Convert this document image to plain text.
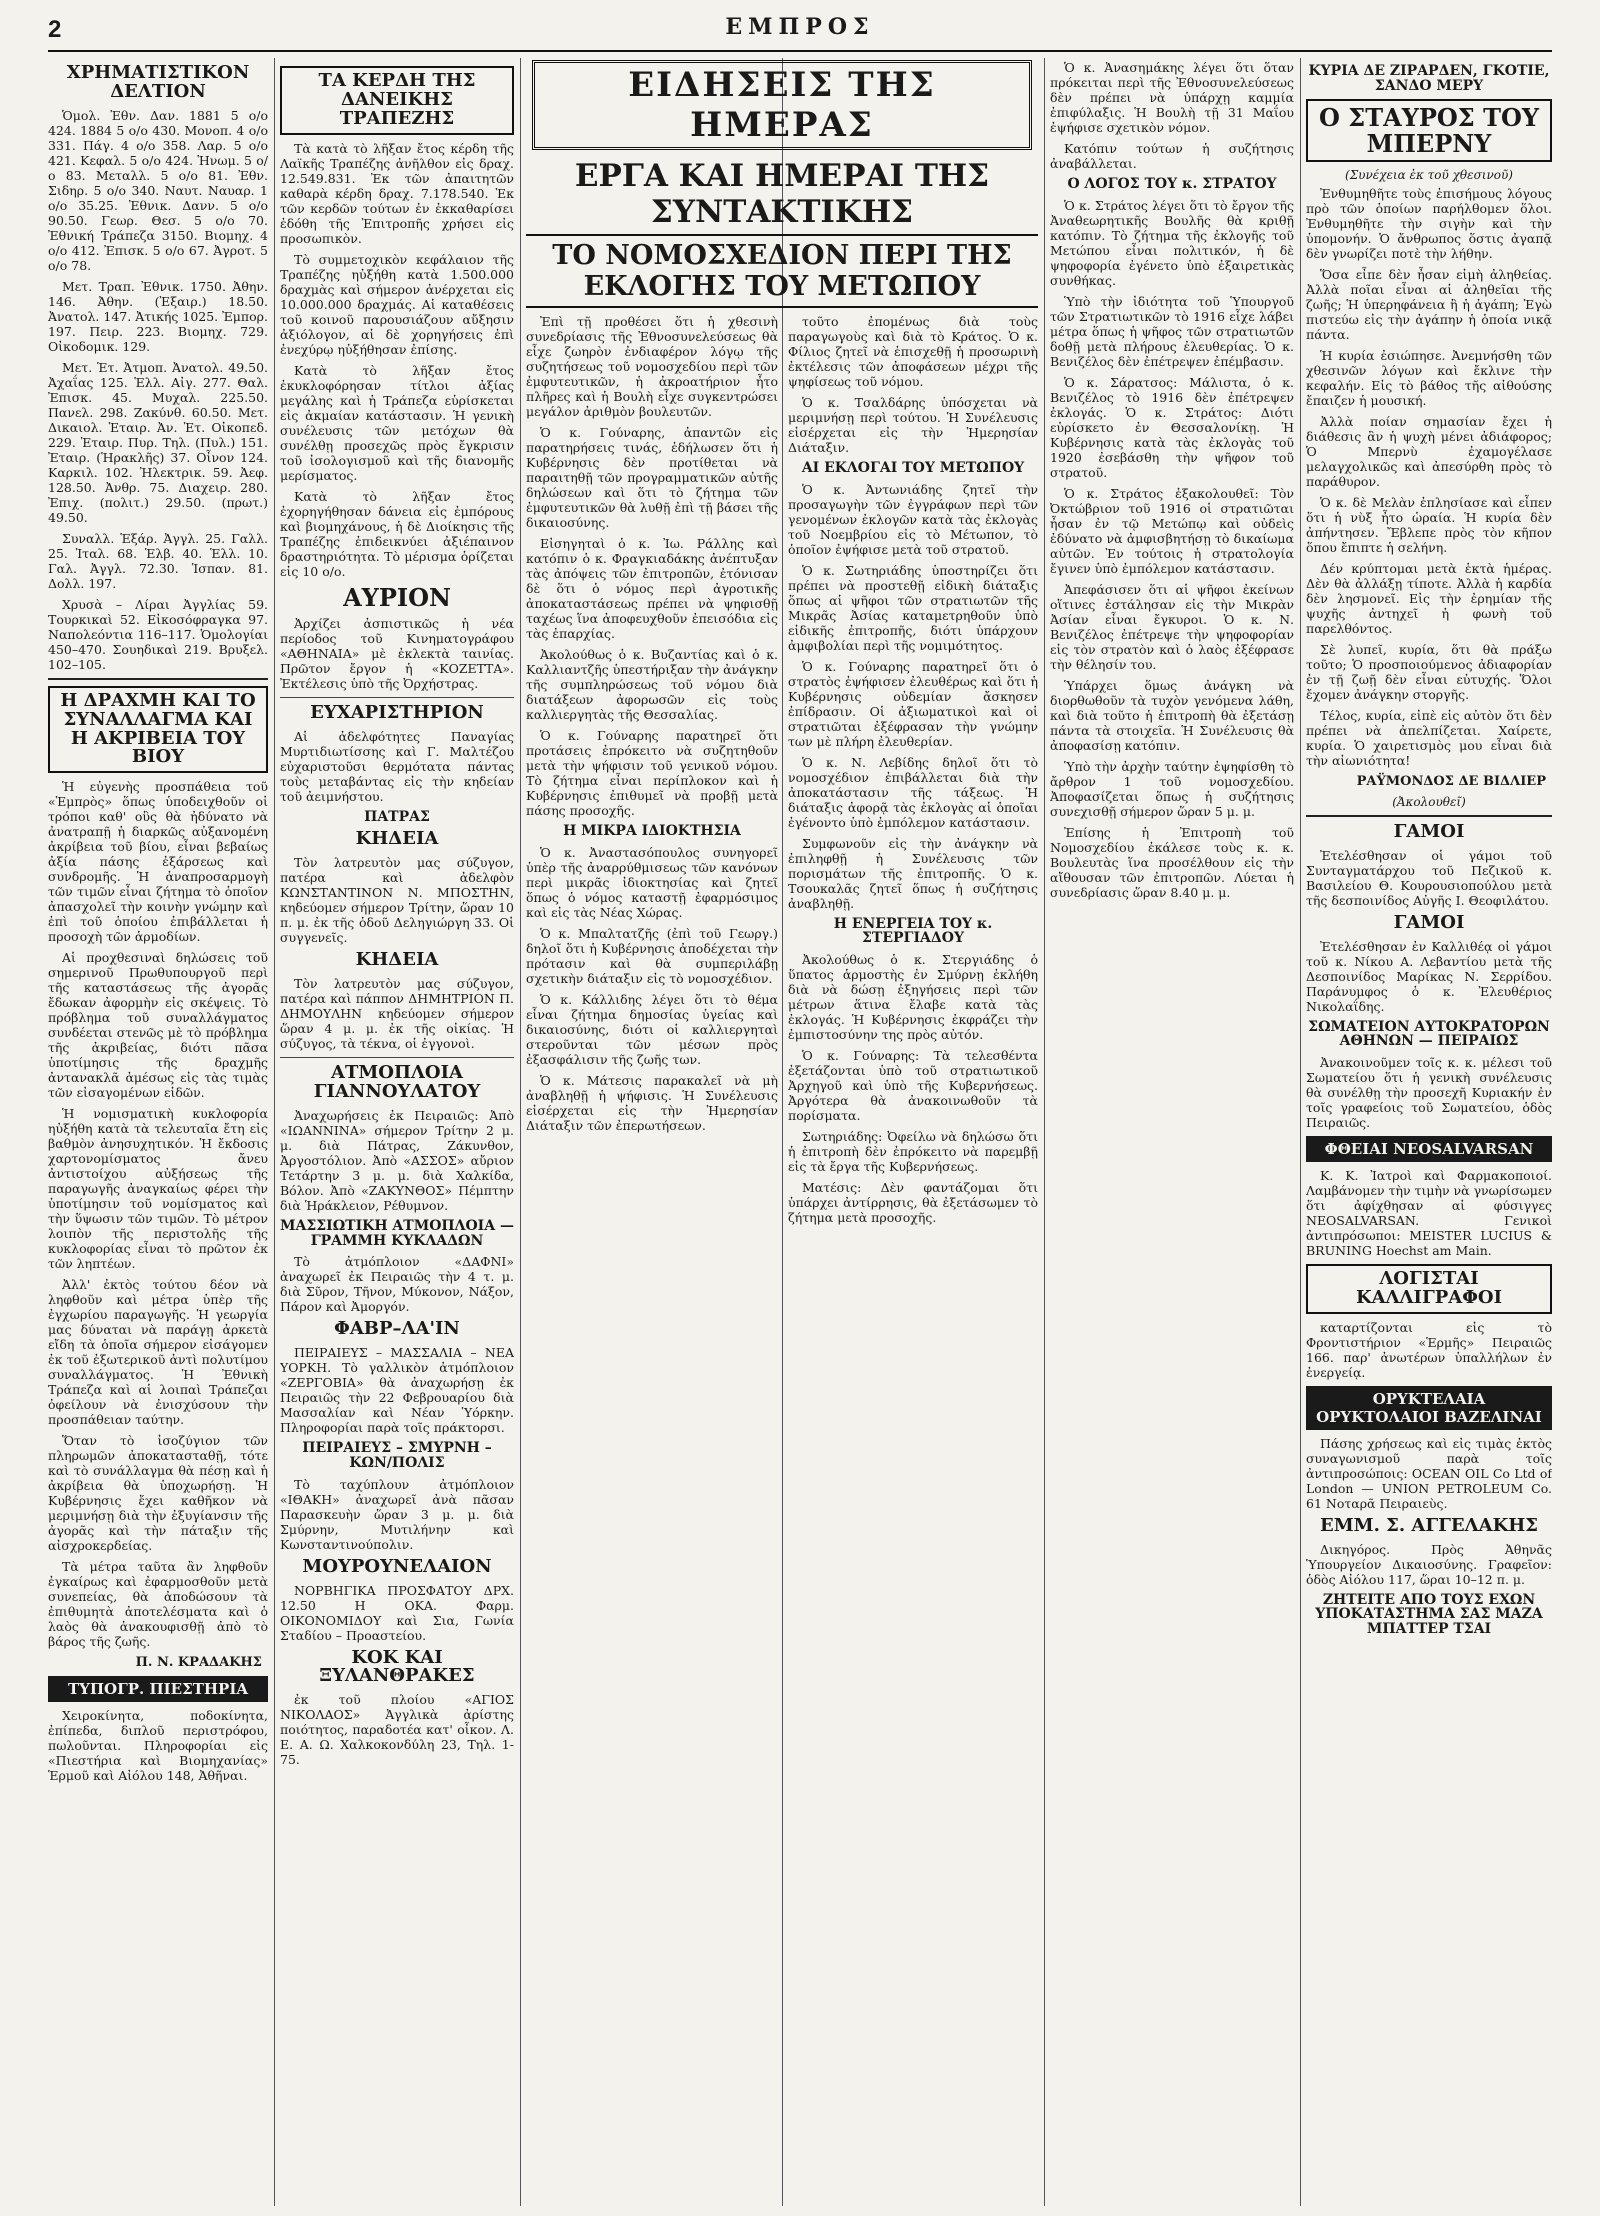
2	ΕΜΠΡΟΣ
ΧΡΗΜΑΤΙΣΤΙΚΟΝ ΔΕΛΤΙΟΝ

Ὁμολ. Ἐθν. Δαν. 1881 5 ο/ο 424. 1884 5 ο/ο 430. Μονοπ. 4 ο/ο 331. Πάγ. 4 ο/ο 358. Λαρ. 5 ο/ο 421. Κεφαλ. 5 ο/ο 424. Ἡνωμ. 5 ο/ο 83. Μεταλλ. 5 ο/ο 81. Ἐθν. Σιδηρ. 5 ο/ο 340. Ναυτ. Ναυαρ. 1 ο/ο 35.25. Ἐθνικ. Δανν. 5 ο/ο 90.50. Γεωρ. Θεσ. 5 ο/ο 70. Ἐθνική Τράπεζα 3150. Βιομηχ. 4 ο/ο 412. Ἐπισκ. 5 ο/ο 67. Ἀγροτ. 5 ο/ο 78.

Μετ. Τραπ. Ἐθνικ. 1750. Ἀθην. 146. Ἀθην. (Ἐξαιρ.) 18.50. Ἀνατολ. 147. Ἀτικής 1025. Ἐμπορ. 197. Πειρ. 223. Βιομηχ. 729. Οἰκοδομικ. 129.

Μετ. Ἑτ. Ἀτμοπ. Ἀνατολ. 49.50. Ἀχαΐας 125. Ἑλλ. Αἰγ. 277. Θαλ. Ἐπισκ. 45. Μυχαλ. 225.50. Πανελ. 298. Ζακύνθ. 60.50. Μετ. Δικαιολ. Ἑταιρ. Ἀν. Ἐτ. Οἰκοπεδ. 229. Ἐταιρ. Πυρ. Τηλ. (Πυλ.) 151. Ἐταιρ. (Ἡρακλῆς) 37. Οἶνον 124. Καρκιλ. 102. Ἠλεκτρικ. 59. Ἀεφ. 128.50. Ἀνθρ. 75. Διαχειρ. 280. Ἐπιχ. (πολιτ.) 29.50. (πρωτ.) 49.50.

Συναλλ. Ἑξάρ. Ἀγγλ. 25. Γαλλ. 25. Ἰταλ. 68. Ἑλβ. 40. Ἑλλ. 10. Γαλ. Ἀγγλ. 72.30. Ἰσπαν. 81. Δολλ. 197.

Χρυσὰ – Λίραι Ἀγγλίας 59. Τουρκικαὶ 52. Εἰκοσόφραγκα 97. Ναπολεόντια 116–117. Ὁμολογίαι 450–470. Σουηδικαὶ 219. Βρυξελ. 102–105.

Η ΔΡΑΧΜΗ ΚΑΙ ΤΟ ΣΥΝΑΛΛΑΓΜΑ ΚΑΙ Η ΑΚΡΙΒΕΙΑ ΤΟΥ ΒΙΟΥ

Ἡ εὐγενὴς προσπάθεια τοῦ «Ἐμπρὸς» ὅπως ὑποδειχθοῦν οἱ τρόποι καθ' οὓς θὰ ἠδύνατο νὰ ἀνατραπῇ ἡ διαρκῶς αὐξανομένη ἀκρίβεια τοῦ βίου, εἶναι βεβαίως ἀξία πάσης ἐξάρσεως καὶ συνδρομῆς. Ἡ ἀναπροσαρμογὴ τῶν τιμῶν εἶναι ζήτημα τὸ ὁποῖον ἀπασχολεῖ τὴν κοινὴν γνώμην καὶ ἐπὶ τοῦ ὁποίου ἐπιβάλλεται ἡ προσοχὴ τῶν ἁρμοδίων.

Αἱ προχθεσιναὶ δηλώσεις τοῦ σημερινοῦ Πρωθυπουργοῦ περὶ τῆς καταστάσεως τῆς ἀγορᾶς ἔδωκαν ἀφορμὴν εἰς σκέψεις. Τὸ πρόβλημα τοῦ συναλλάγματος συνδέεται στενῶς μὲ τὸ πρόβλημα τῆς ἀκριβείας, διότι πᾶσα ὑποτίμησις τῆς δραχμῆς ἀντανακλᾶ ἀμέσως εἰς τὰς τιμὰς τῶν εἰσαγομένων εἰδῶν.

Ἡ νομισματικὴ κυκλοφορία ηὐξήθη κατὰ τὰ τελευταῖα ἔτη εἰς βαθμὸν ἀνησυχητικόν. Ἡ ἔκδοσις χαρτονομίσματος ἄνευ ἀντιστοίχου αὐξήσεως τῆς παραγωγῆς ἀναγκαίως φέρει τὴν ὑποτίμησιν τοῦ νομίσματος καὶ τὴν ὕψωσιν τῶν τιμῶν. Τὸ μέτρον λοιπὸν τῆς περιστολῆς τῆς κυκλοφορίας εἶναι τὸ πρῶτον ἐκ τῶν ληπτέων.

Ἀλλ' ἐκτὸς τούτου δέον νὰ ληφθοῦν καὶ μέτρα ὑπὲρ τῆς ἐγχωρίου παραγωγῆς. Ἡ γεωργία μας δύναται νὰ παράγῃ ἀρκετὰ εἴδη τὰ ὁποῖα σήμερον εἰσάγομεν ἐκ τοῦ ἐξωτερικοῦ ἀντὶ πολυτίμου συναλλάγματος. Ἡ Ἐθνικὴ Τράπεζα καὶ αἱ λοιπαὶ Τράπεζαι ὀφείλουν νὰ ἐνισχύσουν τὴν προσπάθειαν ταύτην.

Ὅταν τὸ ἰσοζύγιον τῶν πληρωμῶν ἀποκατασταθῇ, τότε καὶ τὸ συνάλλαγμα θὰ πέσῃ καὶ ἡ ἀκρίβεια θὰ ὑποχωρήσῃ. Ἡ Κυβέρνησις ἔχει καθῆκον νὰ μεριμνήσῃ διὰ τὴν ἐξυγίανσιν τῆς ἀγορᾶς καὶ τὴν πάταξιν τῆς αἰσχροκερδείας.

Τὰ μέτρα ταῦτα ἂν ληφθοῦν ἐγκαίρως καὶ ἐφαρμοσθοῦν μετὰ συνεπείας, θὰ ἀποδώσουν τὰ ἐπιθυμητὰ ἀποτελέσματα καὶ ὁ λαὸς θὰ ἀνακουφισθῇ ἀπὸ τὸ βάρος τῆς ζωῆς.

Π. Ν. ΚΡΑΔΑΚΗΣ
ΤΥΠΟΓΡ. ΠΙΕΣΤΗΡΙΑ

Χειροκίνητα, ποδοκίνητα, ἐπίπεδα, διπλοῦ περιστρόφου, πωλοῦνται. Πληροφορίαι εἰς «Πιεστήρια καὶ Βιομηχανίας» Ἑρμοῦ καὶ Αἰόλου 148, Ἀθῆναι.

ΤΑ ΚΕΡΔΗ ΤΗΣ ΔΑΝΕΙΚΗΣ ΤΡΑΠΕΖΗΣ

Τὰ κατὰ τὸ λῆξαν ἔτος κέρδη τῆς Λαϊκῆς Τραπέζης ἀνῆλθον εἰς δραχ. 12.549.831. Ἐκ τῶν ἀπαιτητῶν καθαρὰ κέρδη δραχ. 7.178.540. Ἐκ τῶν κερδῶν τούτων ἐν ἐκκαθαρίσει ἐδόθη τῆς Ἐπιτροπῆς χρήσει εἰς προσωπικὸν.

Τὸ συμμετοχικὸν κεφάλαιον τῆς Τραπέζης ηὐξήθη κατὰ 1.500.000 δραχμὰς καὶ σήμερον ἀνέρχεται εἰς 10.000.000 δραχμάς. Αἱ καταθέσεις τοῦ κοινοῦ παρουσιάζουν αὔξησιν ἀξιόλογον, αἱ δὲ χορηγήσεις ἐπὶ ἐνεχύρῳ ηὐξήθησαν ἐπίσης.

Κατὰ τὸ λῆξαν ἔτος ἐκυκλοφόρησαν τίτλοι ἀξίας μεγάλης καὶ ἡ Τράπεζα εὑρίσκεται εἰς ἀκμαίαν κατάστασιν. Ἡ γενικὴ συνέλευσις τῶν μετόχων θὰ συνέλθῃ προσεχῶς πρὸς ἔγκρισιν τοῦ ἰσολογισμοῦ καὶ τῆς διανομῆς μερίσματος.

Κατὰ τὸ λῆξαν ἔτος ἐχορηγήθησαν δάνεια εἰς ἐμπόρους καὶ βιομηχάνους, ἡ δὲ Διοίκησις τῆς Τραπέζης ἐπιδεικνύει ἀξιέπαινον δραστηριότητα. Τὸ μέρισμα ὁρίζεται εἰς 10 ο/ο.

ΑΥΡΙΟΝ

Ἀρχίζει ἀσπιστικῶς ἡ νέα περίοδος τοῦ Κινηματογράφου «ΑΘΗΝΑΙΑ» μὲ ἐκλεκτὰ ταινίας. Πρῶτον ἔργον ἡ «ΚΟΖΕΤΤΑ». Ἐκτέλεσις ὑπὸ τῆς Ὀρχήστρας.

ΕΥΧΑΡΙΣΤΗΡΙΟΝ

Αἱ ἀδελφότητες Παναγίας Μυρτιδιωτίσσης καὶ Γ. Μαλτέζου εὐχαριστοῦσι θερμότατα πάντας τοὺς μεταβάντας εἰς τὴν κηδείαν τοῦ ἀειμνήστου.

ΠΑΤΡΑΣ
ΚΗΔΕΙΑ

Τὸν λατρευτὸν μας σύζυγον, πατέρα καὶ ἀδελφὸν ΚΩΝΣΤΑΝΤΙΝΟΝ Ν. ΜΠΟΣΤΗΝ, κηδεύομεν σήμερον Τρίτην, ὥραν 10 π. μ. ἐκ τῆς ὁδοῦ Δεληγιώργη 33. Οἱ συγγενεῖς.

ΚΗΔΕΙΑ

Τὸν λατρευτὸν μας σύζυγον, πατέρα καὶ πάππον ΔΗΜΗΤΡΙΟΝ Π. ΔΗΜΟΥΛΗΝ κηδεύομεν σήμερον ὥραν 4 μ. μ. ἐκ τῆς οἰκίας. Ἡ σύζυγος, τὰ τέκνα, οἱ ἐγγονοὶ.

ΑΤΜΟΠΛΟΙΑ ΓΙΑΝΝΟΥΛΑΤΟΥ

Ἀναχωρήσεις ἐκ Πειραιῶς: Ἀπὸ «ΙΩΑΝΝΙΝΑ» σήμερον Τρίτην 2 μ. μ. διὰ Πάτρας, Ζάκυνθον, Ἀργοστόλιον. Ἀπὸ «ΑΣΣΟΣ» αὔριον Τετάρτην 3 μ. μ. διὰ Χαλκίδα, Βόλον. Ἀπὸ «ΖΑΚΥΝΘΟΣ» Πέμπτην διὰ Ἡράκλειον, Ρέθυμνον.

ΜΑΣΣΙΩΤΙΚΗ ΑΤΜΟΠΛΟΙΑ — ΓΡΑΜΜΗ ΚΥΚΛΑΔΩΝ

Τὸ ἀτμόπλοιον «ΔΑΦΝΙ» ἀναχωρεῖ ἐκ Πειραιῶς τὴν 4 τ. μ. διὰ Σῦρον, Τῆνον, Μύκονον, Νάξον, Πάρον καὶ Ἀμοργόν.

ΦΑΒΡ–ΛΑ'ΙΝ

ΠΕΙΡΑΙΕΥΣ – ΜΑΣΣΑΛΙΑ – ΝΕΑ ΥΟΡΚΗ. Τὸ γαλλικὸν ἀτμόπλοιον «ΖΕΡΓΟΒΙΑ» θὰ ἀναχωρήσῃ ἐκ Πειραιῶς τὴν 22 Φεβρουαρίου διὰ Μασσαλίαν καὶ Νέαν Ὑόρκην. Πληροφορίαι παρὰ τοῖς πράκτορσι.

ΠΕΙΡΑΙΕΥΣ – ΣΜΥΡΝΗ – ΚΩΝ/ΠΟΛΙΣ

Τὸ ταχύπλουν ἀτμόπλοιον «ΙΘΑΚΗ» ἀναχωρεῖ ἀνὰ πᾶσαν Παρασκευὴν ὥραν 3 μ. μ. διὰ Σμύρνην, Μυτιλήνην καὶ Κωνσταντινούπολιν.

ΜΟΥΡΟΥΝΕΛΑΙΟΝ

ΝΟΡΒΗΓΙΚΑ ΠΡΟΣΦΑΤΟΥ ΔΡΧ. 12.50 Η ΟΚΑ. Φαρμ. ΟΙΚΟΝΟΜΙΔΟΥ καὶ Σια, Γωνία Σταδίου – Προαστείου.

ΚΟΚ ΚΑΙ ΞΥΛΑΝΘΡΑΚΕΣ

ἐκ τοῦ πλοίου «ΑΓΙΟΣ ΝΙΚΟΛΑΟΣ» Ἀγγλικὰ ἀρίστης ποιότητος, παραδοτέα κατ' οἶκον. Λ. Ε. Α. Ω. Χαλκοκονδύλη 23, Τηλ. 1-75.

ΕΙΔΗΣΕΙΣ ΤΗΣ ΗΜΕΡΑΣ
ΕΡΓΑ ΚΑΙ ΗΜΕΡΑΙ ΤΗΣ ΣΥΝΤΑΚΤΙΚΗΣ
ΤΟ ΝΟΜΟΣΧΕΔΙΟΝ ΠΕΡΙ ΤΗΣ ΕΚΛΟΓΗΣ ΤΟΥ ΜΕΤΩΠΟΥ

Ἐπὶ τῇ προθέσει ὅτι ἡ χθεσινὴ συνεδρίασις τῆς Ἐθνοσυνελεύσεως θὰ εἶχε ζωηρὸν ἐνδιαφέρον λόγῳ τῆς συζητήσεως τοῦ νομοσχεδίου περὶ τῶν ἐμφυτευτικῶν, ἡ ἀκροατήριον ἦτο πλῆρες καὶ ἡ Βουλὴ εἶχε συγκεντρώσει μεγάλον ἀριθμὸν βουλευτῶν.

Ὁ κ. Γούναρης, ἀπαντῶν εἰς παρατηρήσεις τινάς, ἐδήλωσεν ὅτι ἡ Κυβέρνησις δὲν προτίθεται νὰ παραιτηθῇ τῶν προγραμματικῶν αὐτῆς δηλώσεων καὶ ὅτι τὸ ζήτημα τῶν ἐμφυτευτικῶν θὰ λυθῇ ἐπὶ τῇ βάσει τῆς δικαιοσύνης.

Εἰσηγηταὶ ὁ κ. Ἰω. Ράλλης καὶ κατόπιν ὁ κ. Φραγκιαδάκης ἀνέπτυξαν τὰς ἀπόψεις τῶν ἐπιτροπῶν, ἐτόνισαν δὲ ὅτι ὁ νόμος περὶ ἀγροτικῆς ἀποκαταστάσεως πρέπει νὰ ψηφισθῇ ταχέως ἵνα ἀποφευχθοῦν ἐπεισόδια εἰς τὰς ἐπαρχίας.

Ἀκολούθως ὁ κ. Βυζαντίας καὶ ὁ κ. Καλλιαντζῆς ὑπεστήριξαν τὴν ἀνάγκην τῆς συμπληρώσεως τοῦ νόμου διὰ διατάξεων ἀφορωσῶν εἰς τοὺς καλλιεργητὰς τῆς Θεσσαλίας.

Ὁ κ. Γούναρης παρατηρεῖ ὅτι προτάσεις ἐπρόκειτο νὰ συζητηθοῦν μετὰ τὴν ψήφισιν τοῦ γενικοῦ νόμου. Τὸ ζήτημα εἶναι περίπλοκον καὶ ἡ Κυβέρνησις ἐπιθυμεῖ νὰ προβῇ μετὰ πάσης προσοχῆς.

Η ΜΙΚΡΑ ΙΔΙΟΚΤΗΣΙΑ

Ὁ κ. Ἀναστασόπουλος συνηγορεῖ ὑπὲρ τῆς ἀναρρύθμισεως τῶν κανόνων περὶ μικρᾶς ἰδιοκτησίας καὶ ζητεῖ ὅπως ὁ νόμος καταστῇ ἐφαρμόσιμος καὶ εἰς τὰς Νέας Χώρας.

Ὁ κ. Μπαλτατζῆς (ἐπὶ τοῦ Γεωργ.) δηλοῖ ὅτι ἡ Κυβέρνησις ἀποδέχεται τὴν πρότασιν καὶ θὰ συμπεριλάβῃ σχετικὴν διάταξιν εἰς τὸ νομοσχέδιον.

Ὁ κ. Κάλλιδης λέγει ὅτι τὸ θέμα εἶναι ζήτημα δημοσίας ὑγείας καὶ δικαιοσύνης, διότι οἱ καλλιεργηταὶ στεροῦνται τῶν μέσων πρὸς ἐξασφάλισιν τῆς ζωῆς των.

Ὁ κ. Μάτεσις παρακαλεῖ νὰ μὴ ἀναβληθῇ ἡ ψήφισις. Ἡ Συνέλευσις εἰσέρχεται εἰς τὴν Ἡμερησίαν Διάταξιν τῶν ἐπερωτήσεων.

τοῦτο ἐπομένως διὰ τοὺς παραγωγοὺς καὶ διὰ τὸ Κράτος. Ὁ κ. Φίλιος ζητεῖ νὰ ἐπισχεθῇ ἡ προσωρινὴ ἐκτέλεσις τῶν ἀποφάσεων μέχρι τῆς ψηφίσεως τοῦ νόμου.

Ὁ κ. Τσαλδάρης ὑπόσχεται νὰ μεριμνήσῃ περὶ τούτου. Ἡ Συνέλευσις εἰσέρχεται εἰς τὴν Ἡμερησίαν Διάταξιν.

ΑΙ ΕΚΛΟΓΑΙ ΤΟΥ ΜΕΤΩΠΟΥ

Ὁ κ. Ἀντωνιάδης ζητεῖ τὴν προσαγωγὴν τῶν ἐγγράφων περὶ τῶν γενομένων ἐκλογῶν κατὰ τὰς ἐκλογὰς τοῦ Νοεμβρίου εἰς τὸ Μέτωπον, τὸ ὁποῖον ἐψήφισε μετὰ τοῦ στρατοῦ.

Ὁ κ. Σωτηριάδης ὑποστηρίζει ὅτι πρέπει νὰ προστεθῇ εἰδικὴ διάταξις ὅπως αἱ ψῆφοι τῶν στρατιωτῶν τῆς Μικρᾶς Ἀσίας καταμετρηθοῦν ὑπὸ εἰδικῆς ἐπιτροπῆς, διότι ὑπάρχουν ἀμφιβολίαι περὶ τῆς νομιμότητος.

Ὁ κ. Γούναρης παρατηρεῖ ὅτι ὁ στρατὸς ἐψήφισεν ἐλευθέρως καὶ ὅτι ἡ Κυβέρνησις οὐδεμίαν ἄσκησεν ἐπίδρασιν. Οἱ ἀξιωματικοὶ καὶ οἱ στρατιῶται ἐξέφρασαν τὴν γνώμην των μὲ πλήρη ἐλευθερίαν.

Ὁ κ. Ν. Λεβίδης δηλοῖ ὅτι τὸ νομοσχέδιον ἐπιβάλλεται διὰ τὴν ἀποκατάστασιν τῆς τάξεως. Ἡ διάταξις ἀφορᾷ τὰς ἐκλογὰς αἱ ὁποῖαι ἐγένοντο ὑπὸ ἐμπόλεμον κατάστασιν.

Συμφωνοῦν εἰς τὴν ἀνάγκην νὰ ἐπιληφθῇ ἡ Συνέλευσις τῶν πορισμάτων τῆς ἐπιτροπῆς. Ὁ κ. Τσουκαλᾶς ζητεῖ ὅπως ἡ συζήτησις ἀναβληθῇ.

Η ΕΝΕΡΓΕΙΑ ΤΟΥ κ. ΣΤΕΡΓΙΑΔΟΥ

Ἀκολούθως ὁ κ. Στεργιάδης ὁ ὕπατος ἁρμοστὴς ἐν Σμύρνῃ ἐκλήθη διὰ νὰ δώσῃ ἐξηγήσεις περὶ τῶν μέτρων ἅτινα ἔλαβε κατὰ τὰς ἐκλογάς. Ἡ Κυβέρνησις ἐκφράζει τὴν ἐμπιστοσύνην της πρὸς αὐτόν.

Ὁ κ. Γούναρης: Τὰ τελεσθέντα ἐξετάζονται ὑπὸ τοῦ στρατιωτικοῦ Ἀρχηγοῦ καὶ ὑπὸ τῆς Κυβερνήσεως. Ἀργότερα θὰ ἀνακοινωθοῦν τὰ πορίσματα.

Σωτηριάδης: Ὀφείλω νὰ δηλώσω ὅτι ἡ ἐπιτροπὴ δὲν ἐπρόκειτο νὰ παρεμβῇ εἰς τὰ ἔργα τῆς Κυβερνήσεως.

Ματέσις: Δὲν φαντάζομαι ὅτι ὑπάρχει ἀντίρρησις, θὰ ἐξετάσωμεν τὸ ζήτημα μετὰ προσοχῆς.

Ὁ κ. Ἀνασημάκης λέγει ὅτι ὅταν πρόκειται περὶ τῆς Ἐθνοσυνελεύσεως δὲν πρέπει νὰ ὑπάρχῃ καμμία ἐπιφύλαξις. Ἡ Βουλὴ τῇ 31 Μαΐου ἐψήφισε σχετικὸν νόμον.

Κατόπιν τούτων ἡ συζήτησις ἀναβάλλεται.

Ο ΛΟΓΟΣ ΤΟΥ κ. ΣΤΡΑΤΟΥ

Ὁ κ. Στράτος λέγει ὅτι τὸ ἔργον τῆς Ἀναθεωρητικῆς Βουλῆς θὰ κριθῇ κατόπιν. Τὸ ζήτημα τῆς ἐκλογῆς τοῦ Μετώπου εἶναι πολιτικόν, ἡ δὲ ψηφοφορία ἐγένετο ὑπὸ ἐξαιρετικὰς συνθήκας.

Ὑπὸ τὴν ἰδιότητα τοῦ Ὑπουργοῦ τῶν Στρατιωτικῶν τὸ 1916 εἶχε λάβει μέτρα ὅπως ἡ ψῆφος τῶν στρατιωτῶν δοθῇ μετὰ πλήρους ἐλευθερίας. Ὁ κ. Βενιζέλος δὲν ἐπέτρεψεν ἐπέμβασιν.

Ὁ κ. Σάρατσος: Μάλιστα, ὁ κ. Βενιζέλος τὸ 1916 δὲν ἐπέτρεψεν ἐκλογάς. Ὁ κ. Στράτος: Διότι εὑρίσκετο ἐν Θεσσαλονίκῃ. Ἡ Κυβέρνησις κατὰ τὰς ἐκλογὰς τοῦ 1920 ἐσεβάσθη τὴν ψῆφον τοῦ στρατοῦ.

Ὁ κ. Στράτος ἐξακολουθεῖ: Τὸν Ὀκτώβριον τοῦ 1916 οἱ στρατιῶται ἦσαν ἐν τῷ Μετώπῳ καὶ οὐδεὶς ἐδύνατο νὰ ἀμφισβητήσῃ τὸ δικαίωμα αὐτῶν. Ἐν τούτοις ἡ στρατολογία ἔγινεν ὑπὸ ἐμπόλεμον κατάστασιν.

Ἀπεφάσισεν ὅτι αἱ ψῆφοι ἐκείνων οἵτινες ἐστάλησαν εἰς τὴν Μικρὰν Ἀσίαν εἶναι ἔγκυροι. Ὁ κ. Ν. Βενιζέλος ἐπέτρεψε τὴν ψηφοφορίαν εἰς τὸν στρατὸν καὶ ὁ λαὸς ἐξέφρασε τὴν θέλησίν του.

Ὑπάρχει ὅμως ἀνάγκη νὰ διορθωθοῦν τὰ τυχὸν γενόμενα λάθη, καὶ διὰ τοῦτο ἡ ἐπιτροπὴ θὰ ἐξετάσῃ πάντα τὰ στοιχεῖα. Ἡ Συνέλευσις θὰ ἀποφασίσῃ κατόπιν.

Ὑπὸ τὴν ἀρχὴν ταύτην ἐψηφίσθη τὸ ἄρθρον 1 τοῦ νομοσχεδίου. Ἀποφασίζεται ὅπως ἡ συζήτησις συνεχισθῇ σήμερον ὥραν 5 μ. μ.

Ἐπίσης ἡ Ἐπιτροπὴ τοῦ Νομοσχεδίου ἐκάλεσε τοὺς κ. κ. Βουλευτὰς ἵνα προσέλθουν εἰς τὴν αἴθουσαν τῶν ἐπιτροπῶν. Λύεται ἡ συνεδρίασις ὥραν 8.40 μ. μ.

ΚΥΡΙΑ ΔΕ ΖΙΡΑΡΔΕΝ, ΓΚΟΤΙΕ, ΣΑΝΔΟ ΜΕΡΥ
Ο ΣΤΑΥΡΟΣ ΤΟΥ ΜΠΕΡΝΥ
(Συνέχεια ἐκ τοῦ χθεσινοῦ)

Ἐνθυμηθῆτε τοὺς ἐπισήμους λόγους πρὸ τῶν ὁποίων παρήλθομεν ὅλοι. Ἐνθυμηθῆτε τὴν σιγὴν καὶ τὴν ὑπομονήν. Ὁ ἄνθρωπος ὅστις ἀγαπᾷ δὲν γνωρίζει ποτὲ τὴν λήθην.

Ὅσα εἶπε δὲν ἦσαν εἰμὴ ἀληθείας. Ἀλλὰ ποῖαι εἶναι αἱ ἀληθεῖαι τῆς ζωῆς; Ἡ ὑπερηφάνεια ἢ ἡ ἀγάπη; Ἐγὼ πιστεύω εἰς τὴν ἀγάπην ἡ ὁποία νικᾷ πάντα.

Ἡ κυρία ἐσιώπησε. Ἀνεμνήσθη τῶν χθεσινῶν λόγων καὶ ἔκλινε τὴν κεφαλήν. Εἰς τὸ βάθος τῆς αἰθούσης ἔπαιζεν ἡ μουσική.

Ἀλλὰ ποίαν σημασίαν ἔχει ἡ διάθεσις ἂν ἡ ψυχὴ μένει ἀδιάφορος; Ὁ Μπερνὺ ἐχαμογέλασε μελαγχολικῶς καὶ ἀπεσύρθη πρὸς τὸ παράθυρον.

Ὁ κ. δὲ Μελὰν ἐπλησίασε καὶ εἶπεν ὅτι ἡ νὺξ ἦτο ὡραία. Ἡ κυρία δὲν ἀπήντησεν. Ἔβλεπε πρὸς τὸν κῆπον ὅπου ἔπιπτε ἡ σελήνη.

Δέν κρύπτομαι μετὰ ἑκτὰ ἡμέρας. Δὲν θὰ ἀλλάξῃ τίποτε. Ἀλλὰ ἡ καρδία δὲν λησμονεῖ. Εἰς τὴν ἐρημίαν τῆς ψυχῆς ἀντηχεῖ ἡ φωνὴ τοῦ παρελθόντος.

Σὲ λυπεῖ, κυρία, ὅτι θὰ πράξω τοῦτο; Ὁ προσποιούμενος ἀδιαφορίαν ἐν τῇ ζωῇ δὲν εἶναι εὐτυχής. Ὅλοι ἔχομεν ἀνάγκην στοργῆς.

Τέλος, κυρία, εἰπὲ εἰς αὐτὸν ὅτι δὲν πρέπει νὰ ἀπελπίζεται. Χαίρετε, κυρία. Ὁ χαιρετισμὸς μου εἶναι διὰ τὴν αἰωνιότητα!

ΡΑΫΜΟΝΔΟΣ ΔΕ ΒΙΔΛΙΕΡ
(Ἀκολουθεῖ)
ΓΑΜΟΙ

Ἐτελέσθησαν οἱ γάμοι τοῦ Συνταγματάρχου τοῦ Πεζικοῦ κ. Βασιλείου Θ. Κουρουσιοπούλου μετὰ τῆς δεσποινίδος Αὐγῆς Ι. Θεοφιλάτου.

ΓΑΜΟΙ

Ἐτελέσθησαν ἐν Καλλιθέᾳ οἱ γάμοι τοῦ κ. Νίκου Α. Λεβαντίου μετὰ τῆς Δεσποινίδος Μαρίκας Ν. Σερρίδου. Παράνυμφος ὁ κ. Ἐλευθέριος Νικολαΐδης.

ΣΩΜΑΤΕΙΟΝ ΑΥΤΟΚΡΑΤΟΡΩΝ ΑΘΗΝΩΝ — ΠΕΙΡΑΙΩΣ

Ἀνακοινοῦμεν τοῖς κ. κ. μέλεσι τοῦ Σωματείου ὅτι ἡ γενικὴ συνέλευσις θὰ συνέλθῃ τὴν προσεχῆ Κυριακήν ἐν τοῖς γραφείοις τοῦ Σωματείου, ὁδὸς Πειραιῶς.

ΦΘΕΙΑΙ NEOSALVARSAN

Κ. Κ. Ἰατροὶ καὶ Φαρμακοποιοί. Λαμβάνομεν τὴν τιμὴν νὰ γνωρίσωμεν ὅτι ἀφίχθησαν αἱ φύσιγγες NEOSALVARSAN. Γενικοὶ ἀντιπρόσωποι: MEISTER LUCIUS & BRUNING Hoechst am Main.

ΛΟΓΙΣΤΑΙ ΚΑΛΛΙΓΡΑΦΟΙ

καταρτίζονται εἰς τὸ Φροντιστήριον «Ἑρμῆς» Πειραιῶς 166. παρ' ἀνωτέρων ὑπαλλήλων ἐν ἐνεργείᾳ.

ΟΡΥΚΤΕΛΑΙΑ ΟΡΥΚΤΟΛΑΙΟΙ ΒΑΖΕΛΙΝΑΙ

Πάσης χρήσεως καὶ εἰς τιμὰς ἐκτὸς συναγωνισμοῦ παρὰ τοῖς ἀντιπροσώποις: OCEAN OIL Co Ltd of London — UNION PETROLEUM Co. 61 Νοταρᾶ Πειραιεὺς.

ΕΜΜ. Σ. ΑΓΓΕΛΑΚΗΣ

Δικηγόρος. Πρὸς Ἀθηνᾶς Ὑπουργείον Δικαιοσύνης. Γραφεῖον: ὁδὸς Αἰόλου 117, ὥραι 10–12 π. μ.

ΖΗΤΕΙΤΕ ΑΠΟ ΤΟΥΣ ΕΧΩΝ ΥΠΟΚΑΤΑΣΤΗΜΑ ΣΑΣ ΜΑΖΑ ΜΠΑΤΤΕΡ ΤΣΑΙ
